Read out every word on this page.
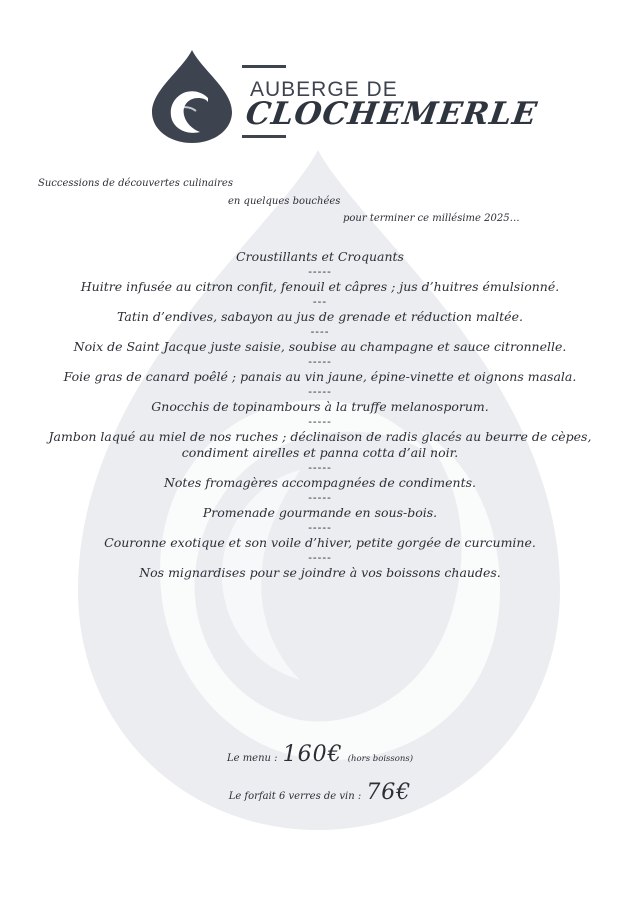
AUBERGE DE
CLOCHEMERLE
Successions de découvertes culinaires
en quelques bouchées
pour terminer ce millésime 2025…
Croustillants et Croquants
-----
Huitre infusée au citron confit, fenouil et câpres ; jus d’huitres émulsionné.
---
Tatin d’endives, sabayon au jus de grenade et réduction maltée.
----
Noix de Saint Jacque juste saisie, soubise au champagne et sauce citronnelle.
-----
Foie gras de canard poêlé ; panais au vin jaune, épine-vinette et oignons masala.
-----
Gnocchis de topinambours à la truffe melanosporum.
-----
Jambon laqué au miel de nos ruches ; déclinaison de radis glacés au beurre de cèpes,
condiment airelles et panna cotta d’ail noir.
-----
Notes fromagères accompagnées de condiments.
-----
Promenade gourmande en sous-bois.
-----
Couronne exotique et son voile d’hiver, petite gorgée de curcumine.
-----
Nos mignardises pour se joindre à vos boissons chaudes.
Le menu : 160€ (hors boissons)
Le forfait 6 verres de vin : 76€
